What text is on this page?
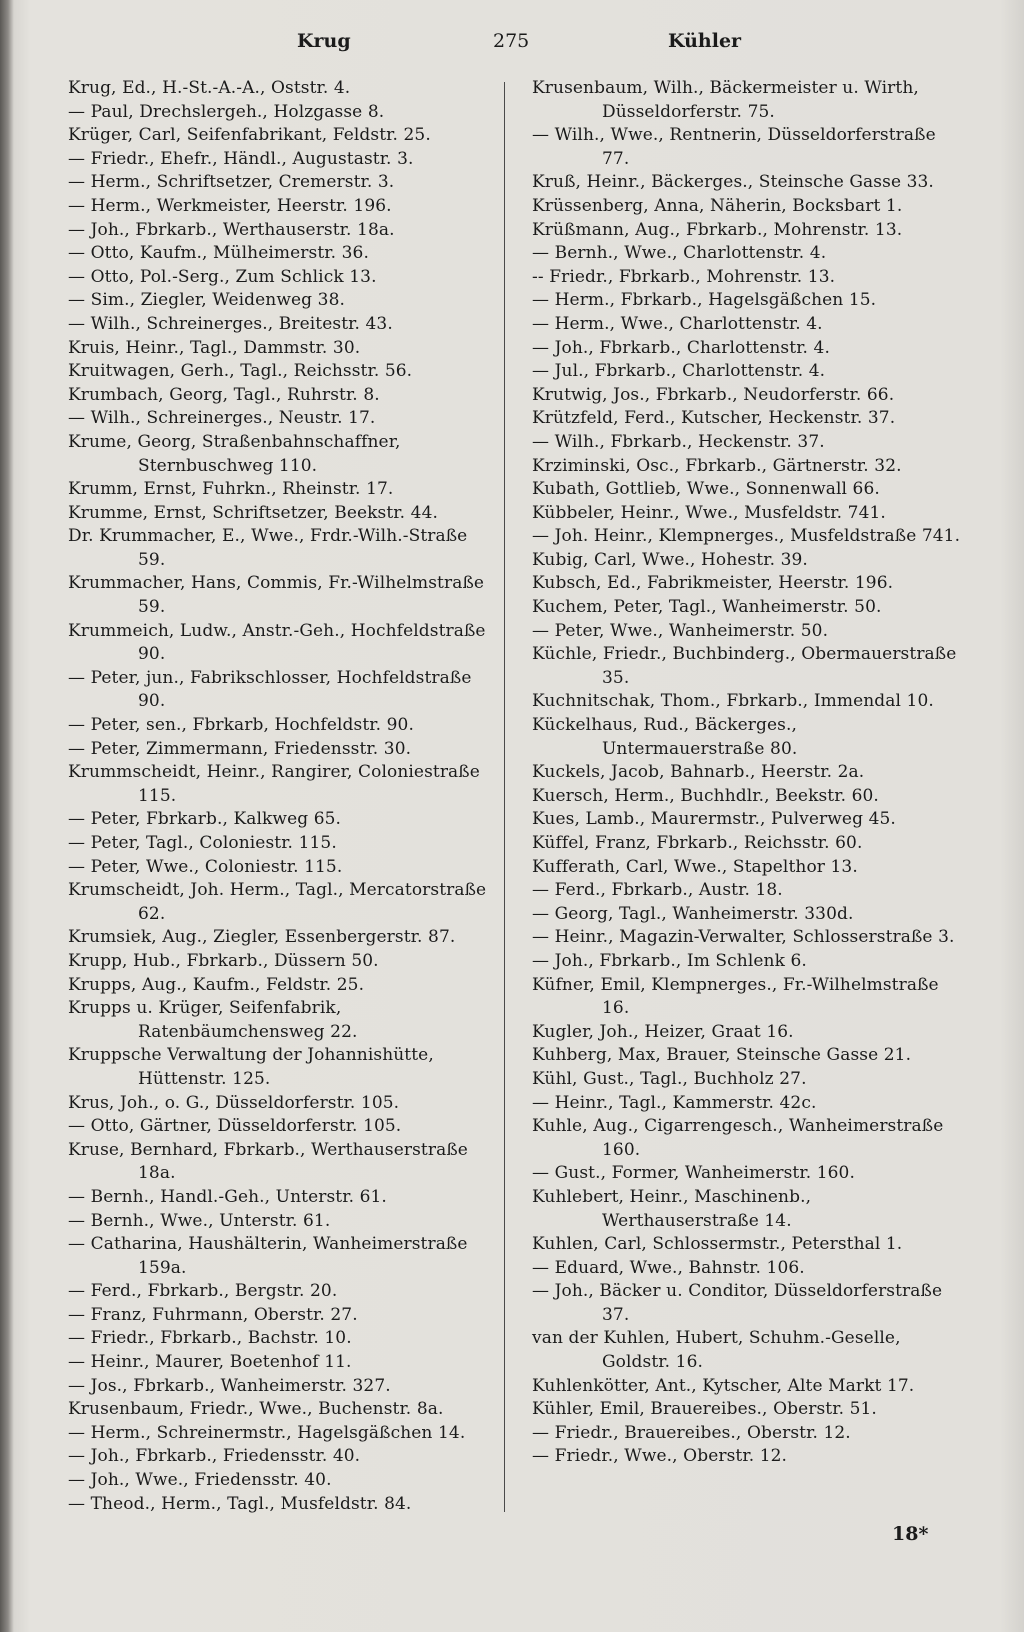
Krug	275	Kühler
Krug, Ed., H.-St.-A.-A., Oststr. 4.
— Paul, Drechslergeh., Holzgasse 8.
Krüger, Carl, Seifenfabrikant, Feldstr. 25.
— Friedr., Ehefr., Händl., Augustastr. 3.
— Herm., Schriftsetzer, Cremerstr. 3.
— Herm., Werkmeister, Heerstr. 196.
— Joh., Fbrkarb., Werthauserstr. 18a.
— Otto, Kaufm., Mülheimerstr. 36.
— Otto, Pol.-Serg., Zum Schlick 13.
— Sim., Ziegler, Weidenweg 38.
— Wilh., Schreinerges., Breitestr. 43.
Kruis, Heinr., Tagl., Dammstr. 30.
Kruitwagen, Gerh., Tagl., Reichsstr. 56.
Krumbach, Georg, Tagl., Ruhrstr. 8.
— Wilh., Schreinerges., Neustr. 17.
Krume, Georg, Straßenbahnschaffner, Sternbuschweg 110.
Krumm, Ernst, Fuhrkn., Rheinstr. 17.
Krumme, Ernst, Schriftsetzer, Beekstr. 44.
Dr. Krummacher, E., Wwe., Frdr.-Wilh.-Straße 59.
Krummacher, Hans, Commis, Fr.-Wilhelmstraße 59.
Krummeich, Ludw., Anstr.-Geh., Hochfeldstraße 90.
— Peter, jun., Fabrikschlosser, Hochfeldstraße 90.
— Peter, sen., Fbrkarb, Hochfeldstr. 90.
— Peter, Zimmermann, Friedensstr. 30.
Krummscheidt, Heinr., Rangirer, Coloniestraße 115.
— Peter, Fbrkarb., Kalkweg 65.
— Peter, Tagl., Coloniestr. 115.
— Peter, Wwe., Coloniestr. 115.
Krumscheidt, Joh. Herm., Tagl., Mercatorstraße 62.
Krumsiek, Aug., Ziegler, Essenbergerstr. 87.
Krupp, Hub., Fbrkarb., Düssern 50.
Krupps, Aug., Kaufm., Feldstr. 25.
Krupps u. Krüger, Seifenfabrik, Ratenbäumchensweg 22.
Kruppsche Verwaltung der Johannishütte, Hüttenstr. 125.
Krus, Joh., o. G., Düsseldorferstr. 105.
— Otto, Gärtner, Düsseldorferstr. 105.
Kruse, Bernhard, Fbrkarb., Werthauserstraße 18a.
— Bernh., Handl.-Geh., Unterstr. 61.
— Bernh., Wwe., Unterstr. 61.
— Catharina, Haushälterin, Wanheimerstraße 159a.
— Ferd., Fbrkarb., Bergstr. 20.
— Franz, Fuhrmann, Oberstr. 27.
— Friedr., Fbrkarb., Bachstr. 10.
— Heinr., Maurer, Boetenhof 11.
— Jos., Fbrkarb., Wanheimerstr. 327.
Krusenbaum, Friedr., Wwe., Buchenstr. 8a.
— Herm., Schreinermstr., Hagelsgäßchen 14.
— Joh., Fbrkarb., Friedensstr. 40.
— Joh., Wwe., Friedensstr. 40.
— Theod., Herm., Tagl., Musfeldstr. 84.
Krusenbaum, Wilh., Bäckermeister u. Wirth, Düsseldorferstr. 75.
— Wilh., Wwe., Rentnerin, Düsseldorferstraße 77.
Kruß, Heinr., Bäckerges., Steinsche Gasse 33.
Krüssenberg, Anna, Näherin, Bocksbart 1.
Krüßmann, Aug., Fbrkarb., Mohrenstr. 13.
— Bernh., Wwe., Charlottenstr. 4.
-- Friedr., Fbrkarb., Mohrenstr. 13.
— Herm., Fbrkarb., Hagelsgäßchen 15.
— Herm., Wwe., Charlottenstr. 4.
— Joh., Fbrkarb., Charlottenstr. 4.
— Jul., Fbrkarb., Charlottenstr. 4.
Krutwig, Jos., Fbrkarb., Neudorferstr. 66.
Krützfeld, Ferd., Kutscher, Heckenstr. 37.
— Wilh., Fbrkarb., Heckenstr. 37.
Krziminski, Osc., Fbrkarb., Gärtnerstr. 32.
Kubath, Gottlieb, Wwe., Sonnenwall 66.
Kübbeler, Heinr., Wwe., Musfeldstr. 741.
— Joh. Heinr., Klempnerges., Musfeldstraße 741.
Kubig, Carl, Wwe., Hohestr. 39.
Kubsch, Ed., Fabrikmeister, Heerstr. 196.
Kuchem, Peter, Tagl., Wanheimerstr. 50.
— Peter, Wwe., Wanheimerstr. 50.
Küchle, Friedr., Buchbinderg., Obermauerstraße 35.
Kuchnitschak, Thom., Fbrkarb., Immendal 10.
Kückelhaus, Rud., Bäckerges., Untermauerstraße 80.
Kuckels, Jacob, Bahnarb., Heerstr. 2a.
Kuersch, Herm., Buchhdlr., Beekstr. 60.
Kues, Lamb., Maurermstr., Pulverweg 45.
Küffel, Franz, Fbrkarb., Reichsstr. 60.
Kufferath, Carl, Wwe., Stapelthor 13.
— Ferd., Fbrkarb., Austr. 18.
— Georg, Tagl., Wanheimerstr. 330d.
— Heinr., Magazin-Verwalter, Schlosserstraße 3.
— Joh., Fbrkarb., Im Schlenk 6.
Küfner, Emil, Klempnerges., Fr.-Wilhelmstraße 16.
Kugler, Joh., Heizer, Graat 16.
Kuhberg, Max, Brauer, Steinsche Gasse 21.
Kühl, Gust., Tagl., Buchholz 27.
— Heinr., Tagl., Kammerstr. 42c.
Kuhle, Aug., Cigarrengesch., Wanheimerstraße 160.
— Gust., Former, Wanheimerstr. 160.
Kuhlebert, Heinr., Maschinenb., Werthauserstraße 14.
Kuhlen, Carl, Schlossermstr., Petersthal 1.
— Eduard, Wwe., Bahnstr. 106.
— Joh., Bäcker u. Conditor, Düsseldorferstraße 37.
van der Kuhlen, Hubert, Schuhm.-Geselle, Goldstr. 16.
Kuhlenkötter, Ant., Kytscher, Alte Markt 17.
Kühler, Emil, Brauereibes., Oberstr. 51.
— Friedr., Brauereibes., Oberstr. 12.
— Friedr., Wwe., Oberstr. 12.
18*
